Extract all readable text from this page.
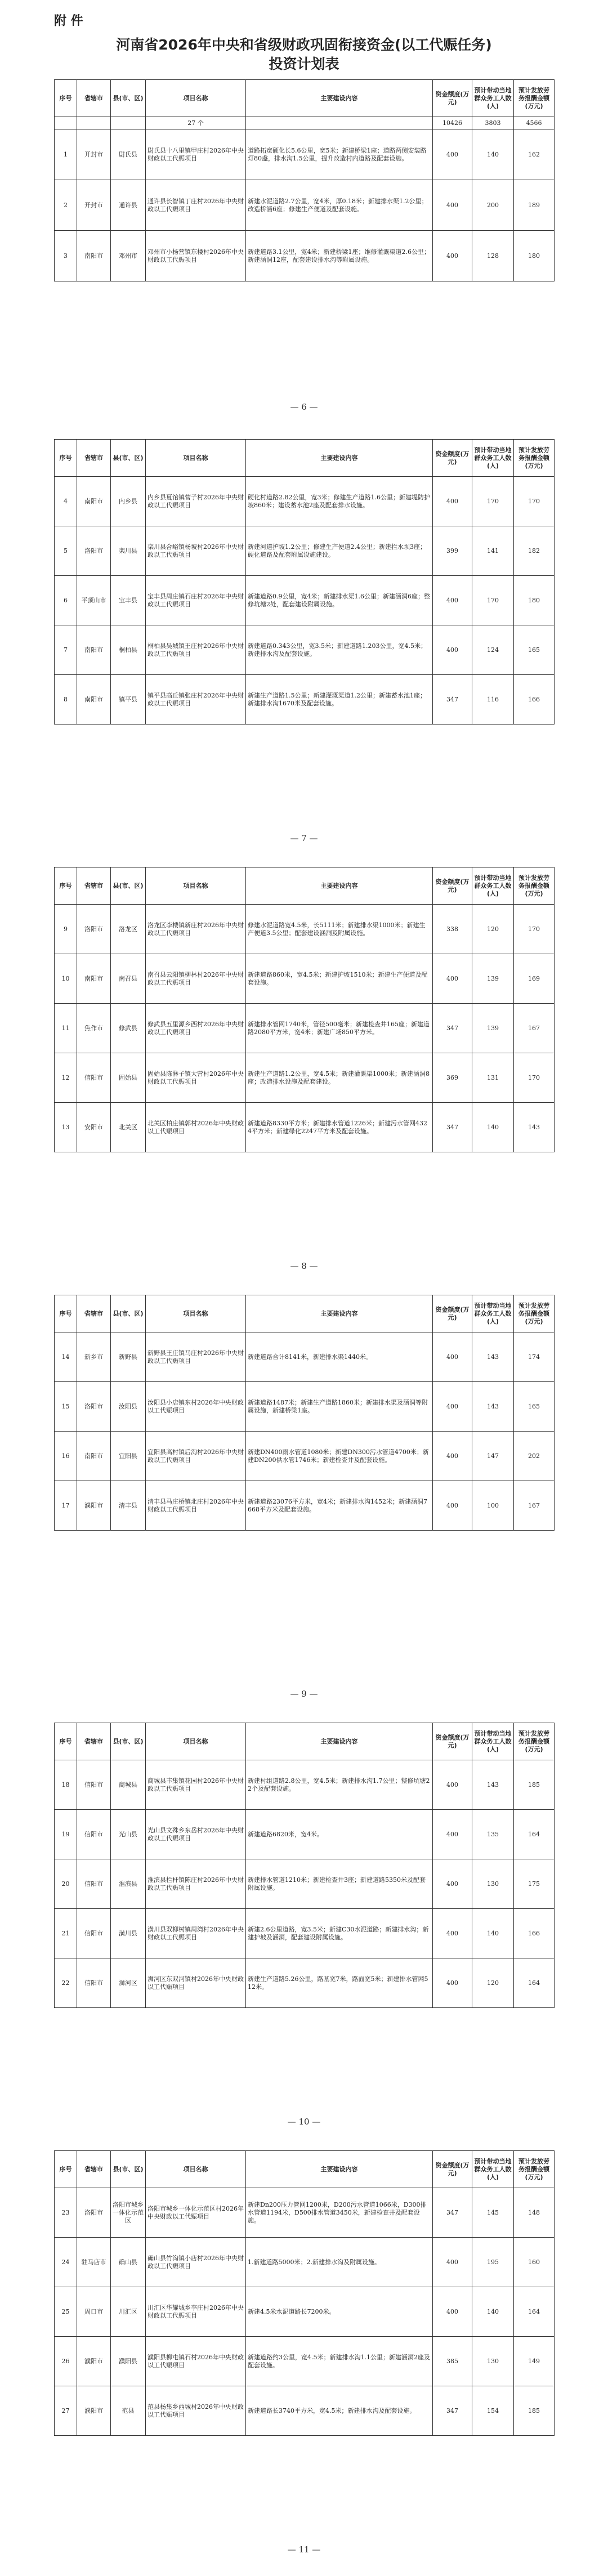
附 件
河南省2026年中央和省级财政巩固衔接资金(以工代赈任务)
投资计划表
序号	省辖市	县(市、区)	项目名称	主要建设内容	资金额度(万元)	预计带动当地群众务工人数(人)	预计发放劳务报酬金额(万元)
			27 个		10426	3803	4566
1	开封市	尉氏县	尉氏县十八里镇甲庄村2026年中央财政以工代赈项目	道路拓宽硬化长5.6公里，宽5米；新建桥梁1座；道路两侧安装路灯80盏，排水沟1.5公里，提升改造村内道路及配套设施。	400	140	162
2	开封市	通许县	通许县长智镇丁庄村2026年中央财政以工代赈项目	新建水泥道路2.7公里，宽4米，厚0.18米；新建排水渠1.2公里；改造桥涵6座；修建生产便道及配套设施。	400	200	189
3	南阳市	邓州市	邓州市小杨营镇东楼村2026年中央财政以工代赈项目	新建道路3.1公里，宽4米；新建桥梁1座；维修灌溉渠道2.6公里；新建涵洞12座，配套建设排水沟等附属设施。	400	128	180
— 6 —
序号	省辖市	县(市、区)	项目名称	主要建设内容	资金额度(万元)	预计带动当地群众务工人数(人)	预计发放劳务报酬金额(万元)
4	南阳市	内乡县	内乡县夏馆镇营子村2026年中央财政以工代赈项目	硬化村道路2.82公里，宽3米；修建生产道路1.6公里；新建堤防护坡860米；建设蓄水池2座及配套排水设施。	400	170	170
5	洛阳市	栾川县	栾川县合峪镇杨坡村2026年中央财政以工代赈项目	新建河道护坡1.2公里；修建生产便道2.4公里；新建拦水坝3座；硬化道路及配套附属设施建设。	399	141	182
6	平顶山市	宝丰县	宝丰县周庄镇石庄村2026年中央财政以工代赈项目	新建道路0.9公里，宽4米；新建排水渠1.6公里；新建涵洞6座；整修坑塘2处，配套建设附属设施。	400	170	180
7	南阳市	桐柏县	桐柏县吴城镇王庄村2026年中央财政以工代赈项目	新建道路0.343公里，宽3.5米；新建道路1.203公里，宽4.5米；新建排水沟及配套设施。	400	124	165
8	南阳市	镇平县	镇平县高丘镇张庄村2026年中央财政以工代赈项目	新建生产道路1.5公里；新建灌溉渠道1.2公里；新建蓄水池1座；新建排水沟1670米及配套设施。	347	116	166
— 7 —
序号	省辖市	县(市、区)	项目名称	主要建设内容	资金额度(万元)	预计带动当地群众务工人数(人)	预计发放劳务报酬金额(万元)
9	洛阳市	洛龙区	洛龙区李楼镇新庄村2026年中央财政以工代赈项目	修建水泥道路宽4.5米，长5111米；新建排水渠1000米；新建生产便道3.5公里；配套建设涵洞及附属设施。	338	120	170
10	南阳市	南召县	南召县云阳镇柳林村2026年中央财政以工代赈项目	新建道路860米，宽4.5米；新建护坡1510米；新建生产便道及配套设施。	400	139	169
11	焦作市	修武县	修武县五里源乡西村2026年中央财政以工代赈项目	新建排水管网1740米，管径500毫米；新建检查井165座；新建道路2080平方米，宽4米；新建广场850平方米。	347	139	167
12	信阳市	固始县	固始县陈淋子镇大营村2026年中央财政以工代赈项目	新建生产道路1.2公里，宽4.5米；新建灌溉渠1000米；新建涵洞8座；改造排水设施及配套建设。	369	131	170
13	安阳市	北关区	北关区柏庄镇郭村2026年中央财政以工代赈项目	新建道路8330平方米；新建排水管道1226米；新建污水管网4324平方米；新建绿化2247平方米及配套设施。	347	140	143
— 8 —
序号	省辖市	县(市、区)	项目名称	主要建设内容	资金额度(万元)	预计带动当地群众务工人数(人)	预计发放劳务报酬金额(万元)
14	新乡市	新野县	新野县王庄镇马庄村2026年中央财政以工代赈项目	新建道路合计8141米，新建排水渠1440米。	400	143	174
15	洛阳市	汝阳县	汝阳县小店镇东村2026年中央财政以工代赈项目	新建道路1487米；新建生产道路1860米；新建排水渠及涵洞等附属设施，新建桥梁1座。	400	143	165
16	南阳市	宜阳县	宜阳县高村镇后沟村2026年中央财政以工代赈项目	新建DN400雨水管道1080米；新建DN300污水管道4700米；新建DN200供水管1746米；新建检查井及配套设施。	400	147	202
17	濮阳市	清丰县	清丰县马庄桥镇北庄村2026年中央财政以工代赈项目	新建道路23076平方米，宽4米；新建排水沟1452米；新建涵洞7668平方米及配套设施。	400	100	167
— 9 —
序号	省辖市	县(市、区)	项目名称	主要建设内容	资金额度(万元)	预计带动当地群众务工人数(人)	预计发放劳务报酬金额(万元)
18	信阳市	商城县	商城县丰集镇花园村2026年中央财政以工代赈项目	新建村组道路2.8公里，宽4.5米；新建排水沟1.7公里；整修坑塘22个及配套设施。	400	143	185
19	信阳市	光山县	光山县文殊乡东岳村2026年中央财政以工代赈项目	新建道路6820米，宽4米。	400	135	164
20	信阳市	淮滨县	淮滨县栏杆镇陈庄村2026年中央财政以工代赈项目	新建排水管道1210米；新建检查井3座；新建道路5350米及配套附属设施。	400	130	175
21	信阳市	潢川县	潢川县双柳树镇周湾村2026年中央财政以工代赈项目	新建2.6公里道路，宽3.5米；新建C30水泥道路；新建排水沟；新建护坡及涵洞，配套建设附属设施。	400	140	166
22	信阳市	浉河区	浉河区东双河镇村2026年中央财政以工代赈项目	新建生产道路5.26公里，路基宽7米，路面宽5米；新建排水管网512米。	400	120	164
— 10 —
序号	省辖市	县(市、区)	项目名称	主要建设内容	资金额度(万元)	预计带动当地群众务工人数(人)	预计发放劳务报酬金额(万元)
23	洛阳市	洛阳市城乡一体化示范区	洛阳市城乡一体化示范区村2026年中央财政以工代赈项目	新建Dn200压力管网1200米，D200污水管道1066米，D300排水管道1194米，D500排水管道3450米，新建检查井及配套设施。	347	145	148
24	驻马店市	确山县	确山县竹沟镇小店村2026年中央财政以工代赈项目	1.新建道路5000米；2.新建排水沟及附属设施。	400	195	160
25	周口市	川汇区	川汇区华耀城乡李庄村2026年中央财政以工代赈项目	新建4.5米水泥道路长7200米。	400	140	164
26	濮阳市	濮阳县	濮阳县柳屯镇石村2026年中央财政以工代赈项目	新建道路约3公里，宽4.5米；新建排水沟1.1公里；新建涵洞2座及配套设施。	385	130	149
27	濮阳市	范县	范县杨集乡西城村2026年中央财政以工代赈项目	新建道路长3740平方米，宽4.5米；新建排水沟及配套设施。	347	154	185
— 11 —
